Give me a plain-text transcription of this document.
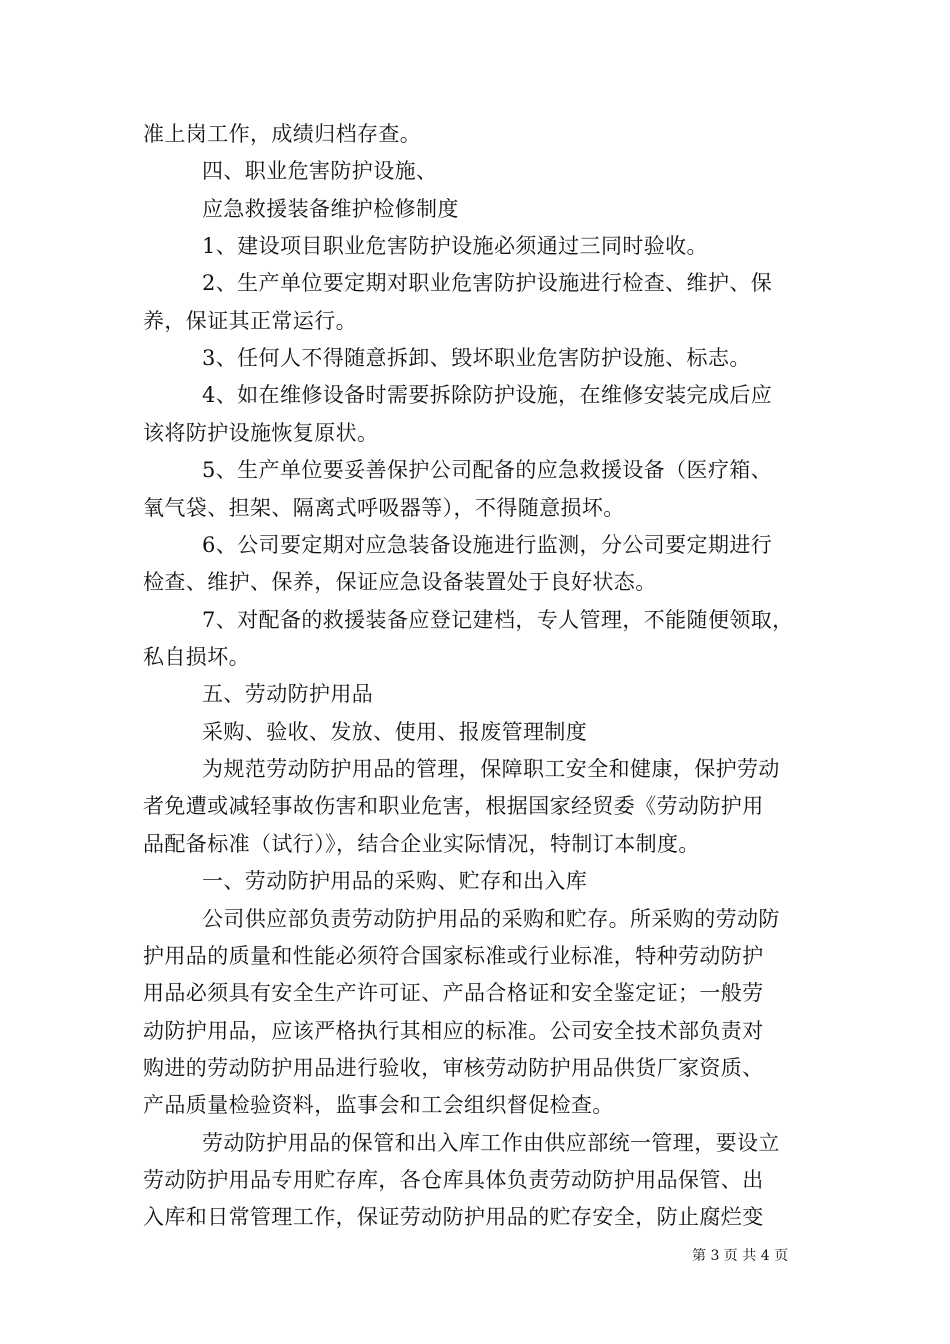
准上岗工作，成绩归档存查。
四、职业危害防护设施、
应急救援装备维护检修制度
1、建设项目职业危害防护设施必须通过三同时验收。
2、生产单位要定期对职业危害防护设施进行检查、维护、保
养，保证其正常运行。
3、任何人不得随意拆卸、毁坏职业危害防护设施、标志。
4、如在维修设备时需要拆除防护设施，在维修安装完成后应
该将防护设施恢复原状。
5、生产单位要妥善保护公司配备的应急救援设备（医疗箱、
氧气袋、担架、隔离式呼吸器等），不得随意损坏。
6、公司要定期对应急装备设施进行监测，分公司要定期进行
检查、维护、保养，保证应急设备装置处于良好状态。
7、对配备的救援装备应登记建档，专人管理，不能随便领取，
私自损坏。
五、劳动防护用品
采购、验收、发放、使用、报废管理制度
为规范劳动防护用品的管理，保障职工安全和健康，保护劳动
者免遭或减轻事故伤害和职业危害，根据国家经贸委《劳动防护用
品配备标准（试行）》，结合企业实际情况，特制订本制度。
一、劳动防护用品的采购、贮存和出入库
公司供应部负责劳动防护用品的采购和贮存。所采购的劳动防
护用品的质量和性能必须符合国家标准或行业标准，特种劳动防护
用品必须具有安全生产许可证、产品合格证和安全鉴定证；一般劳
动防护用品，应该严格执行其相应的标准。公司安全技术部负责对
购进的劳动防护用品进行验收，审核劳动防护用品供货厂家资质、
产品质量检验资料，监事会和工会组织督促检查。
劳动防护用品的保管和出入库工作由供应部统一管理，要设立
劳动防护用品专用贮存库，各仓库具体负责劳动防护用品保管、出
入库和日常管理工作，保证劳动防护用品的贮存安全，防止腐烂变
第 3 页 共 4 页
